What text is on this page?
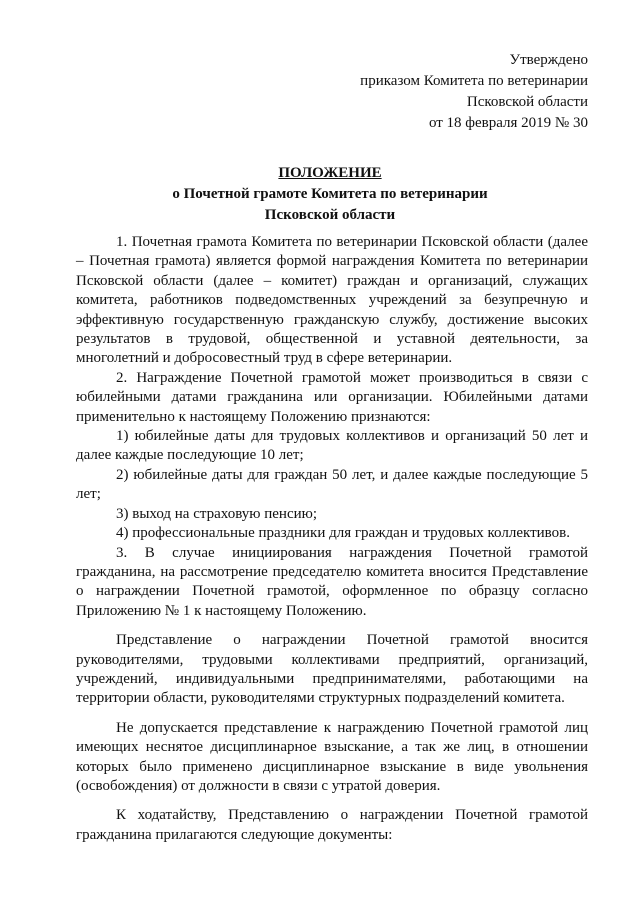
Утверждено
приказом Комитета по ветеринарии
Псковской области
от 18 февраля 2019 № 30
ПОЛОЖЕНИЕ
о Почетной грамоте Комитета по ветеринарии
Псковской области

1. Почетная грамота Комитета по ветеринарии Псковской области (далее – Почетная грамота) является формой награждения Комитета по ветеринарии Псковской области (далее – комитет) граждан и организаций, служащих комитета, работников подведомственных учреждений за безупречную и эффективную государственную гражданскую службу, достижение высоких результатов в трудовой, общественной и уставной деятельности, за многолетний и добросовестный труд в сфере ветеринарии.

2. Награждение Почетной грамотой может производиться в связи с юбилейными датами гражданина или организации. Юбилейными датами применительно к настоящему Положению признаются:

1) юбилейные даты для трудовых коллективов и организаций 50 лет и далее каждые последующие 10 лет;

2) юбилейные даты для граждан 50 лет, и далее каждые последующие 5 лет;

3) выход на страховую пенсию;

4) профессиональные праздники для граждан и трудовых коллективов.

3. В случае инициирования награждения Почетной грамотой гражданина, на рассмотрение председателю комитета вносится Представление о награждении Почетной грамотой, оформленное по образцу согласно Приложению № 1 к настоящему Положению.

Представление о награждении Почетной грамотой вносится руководителями, трудовыми коллективами предприятий, организаций, учреждений, индивидуальными предпринимателями, работающими на территории области, руководителями структурных подразделений комитета.

Не допускается представление к награждению Почетной грамотой лиц имеющих неснятое дисциплинарное взыскание, а так же лиц, в отношении которых было применено дисциплинарное взыскание в виде увольнения (освобождения) от должности в связи с утратой доверия.

К ходатайству, Представлению о награждении Почетной грамотой гражданина прилагаются следующие документы:
